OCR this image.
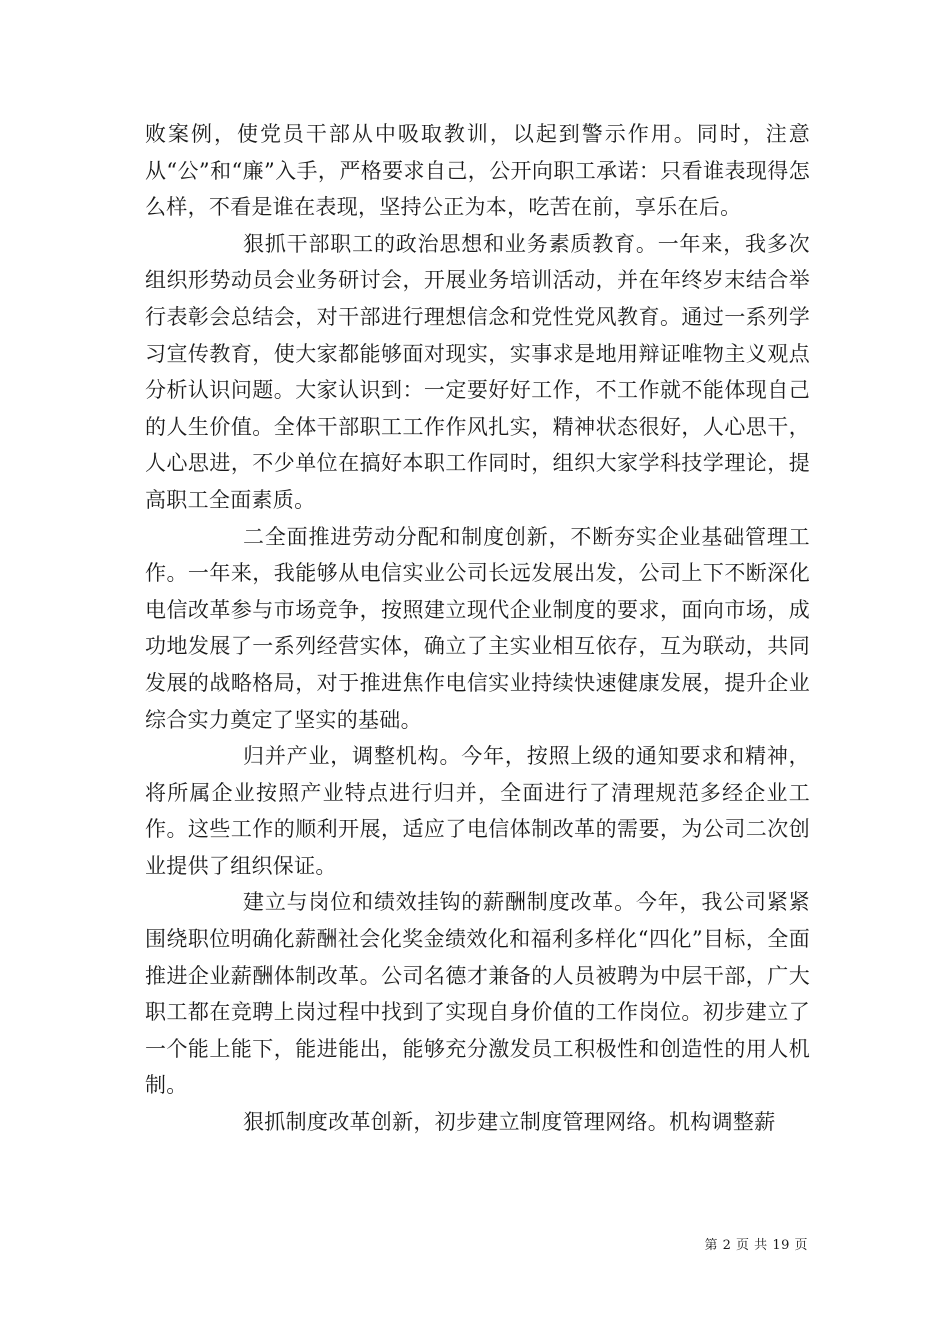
败案例，使党员干部从中吸取教训，以起到警示作用。同时，注意从“公”和“廉”入手，严格要求自己，公开向职工承诺：只看谁表现得怎么样，不看是谁在表现，坚持公正为本，吃苦在前，享乐在后。

狠抓干部职工的政治思想和业务素质教育。一年来，我多次组织形势动员会业务研讨会，开展业务培训活动，并在年终岁末结合举行表彰会总结会，对干部进行理想信念和党性党风教育。通过一系列学习宣传教育，使大家都能够面对现实，实事求是地用辩证唯物主义观点分析认识问题。大家认识到：一定要好好工作，不工作就不能体现自己的人生价值。全体干部职工工作作风扎实，精神状态很好，人心思干，人心思进，不少单位在搞好本职工作同时，组织大家学科技学理论，提高职工全面素质。

二全面推进劳动分配和制度创新，不断夯实企业基础管理工作。一年来，我能够从电信实业公司长远发展出发，公司上下不断深化电信改革参与市场竞争，按照建立现代企业制度的要求，面向市场，成功地发展了一系列经营实体，确立了主实业相互依存，互为联动，共同发展的战略格局，对于推进焦作电信实业持续快速健康发展，提升企业综合实力奠定了坚实的基础。

归并产业，调整机构。今年，按照上级的通知要求和精神，将所属企业按照产业特点进行归并，全面进行了清理规范多经企业工作。这些工作的顺利开展，适应了电信体制改革的需要，为公司二次创业提供了组织保证。

建立与岗位和绩效挂钩的薪酬制度改革。今年，我公司紧紧围绕职位明确化薪酬社会化奖金绩效化和福利多样化“四化”目标，全面推进企业薪酬体制改革。公司名德才兼备的人员被聘为中层干部，广大职工都在竞聘上岗过程中找到了实现自身价值的工作岗位。初步建立了一个能上能下，能进能出，能够充分激发员工积极性和创造性的用人机制。

狠抓制度改革创新，初步建立制度管理网络。机构调整薪

第 2 页 共 19 页
